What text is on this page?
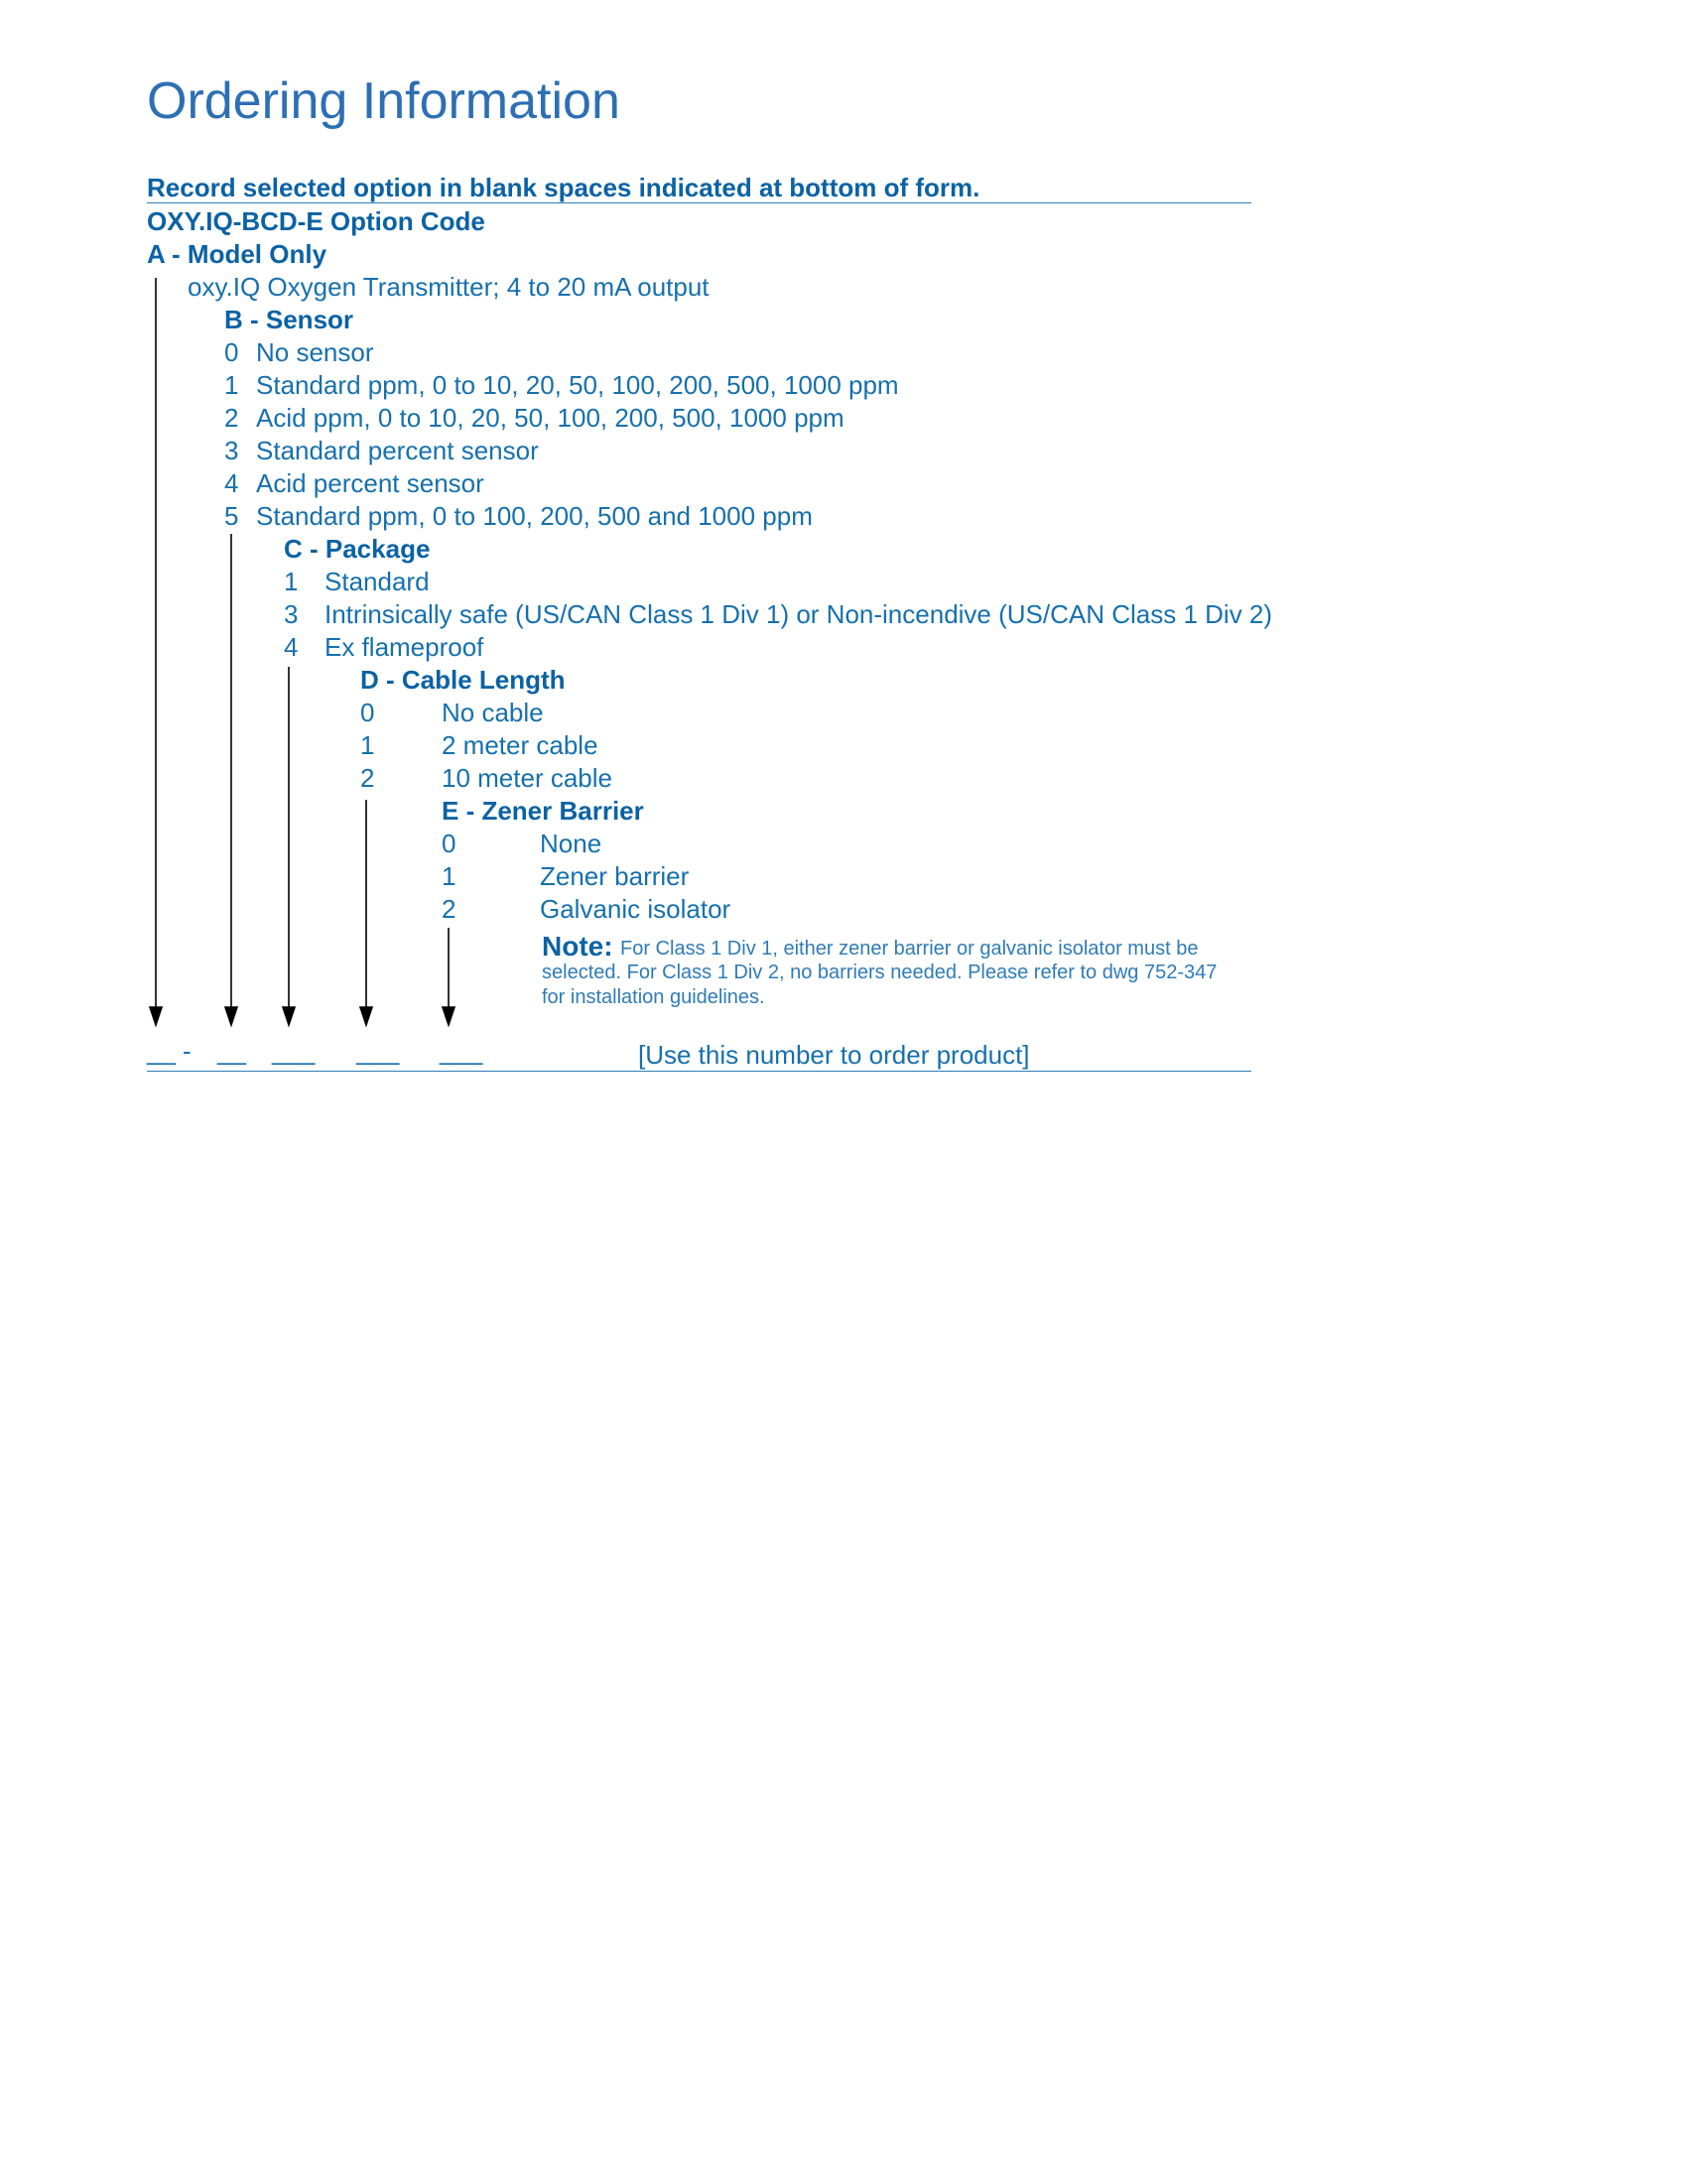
Ordering Information
Record selected option in blank spaces indicated at bottom of form.
OXY.IQ-BCD-E Option Code
A - Model Only
oxy.IQ Oxygen Transmitter; 4 to 20 mA output
B - Sensor
0 No sensor
1 Standard ppm, 0 to 10, 20, 50, 100, 200, 500, 1000 ppm
2 Acid ppm, 0 to 10, 20, 50, 100, 200, 500, 1000 ppm
3 Standard percent sensor
4 Acid percent sensor
5 Standard ppm, 0 to 100, 200, 500 and 1000 ppm
C - Package
1 Standard
3 Intrinsically safe (US/CAN Class 1 Div 1) or Non-incendive (US/CAN Class 1 Div 2)
4 Ex flameproof
D - Cable Length
0	No cable
1	2 meter cable
2	10 meter cable
E - Zener Barrier
0	None
1	Zener barrier
2	Galvanic isolator
Note: For Class 1 Div 1, either zener barrier or galvanic isolator must be
selected. For Class 1 Div 2, no barriers needed. Please refer to dwg 752-347
for installation guidelines.
__ - __ ___ ___ ___	[Use this number to order product]
